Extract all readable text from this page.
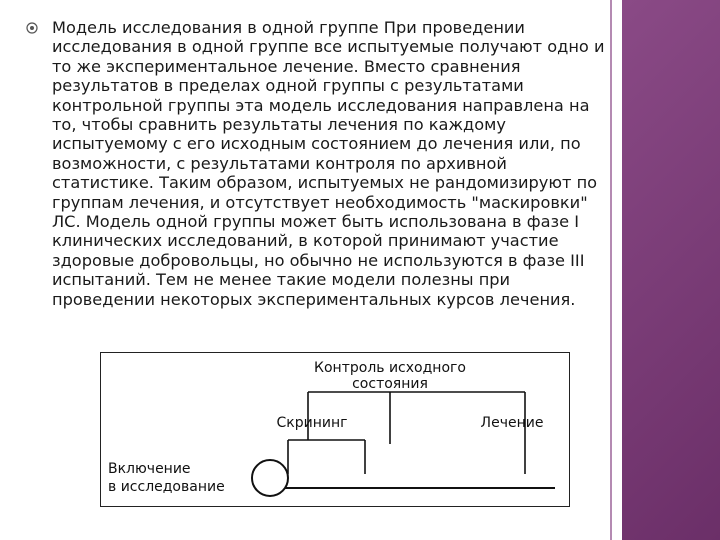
Модель исследования в одной группе При проведении исследования в одной группе все испытуемые получают одно и то же экспериментальное лечение. Вместо сравнения результатов в пределах одной группы с результатами контрольной группы эта модель исследования направлена на то, чтобы сравнить результаты лечения по каждому испытуемому с его исходным состоянием до лечения или, по возможности, с результатами контроля по архивной статистике. Таким образом, испытуемых не рандомизируют по группам лечения, и отсутствует необходимость "маскировки" ЛС. Модель одной группы может быть использована в фазе I клинических исследований, в которой принимают участие здоровые добровольцы, но обычно не используются в фазе III испытаний. Тем не менее такие модели полезны при проведении некоторых экспериментальных курсов лечения.

Контроль исходного
состояния
Скрининг	Лечение
Включение
в исследование
